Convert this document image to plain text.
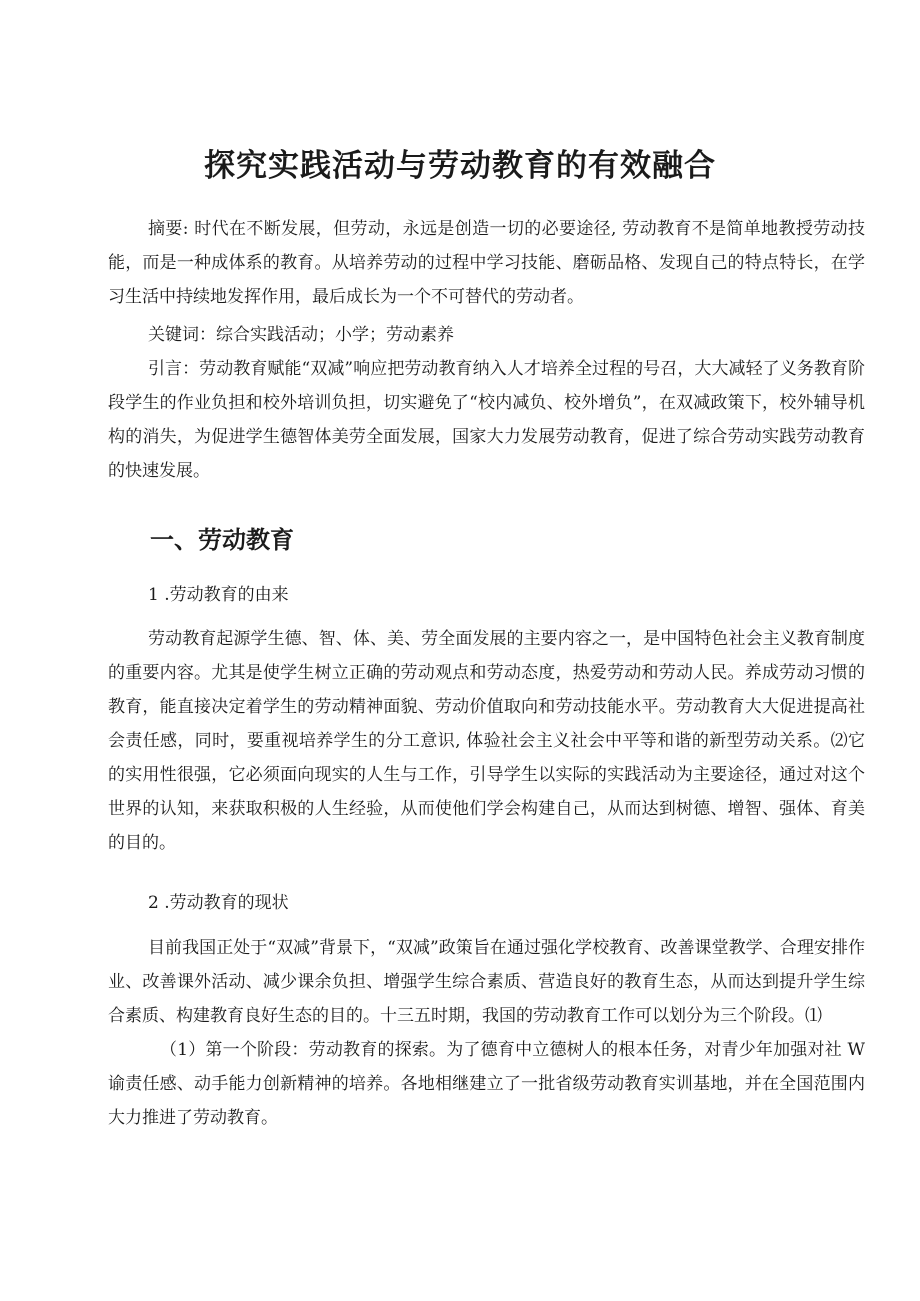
探究实践活动与劳动教育的有效融合

摘要: 时代在不断发展，但劳动，永远是创造一切的必要途径, 劳动教育不是简单地教授劳动技能，而是一种成体系的教育。从培养劳动的过程中学习技能、磨砺品格、发现自己的特点特长，在学习生活中持续地发挥作用，最后成长为一个不可替代的劳动者。

关键词：综合实践活动；小学；劳动素养

引言：劳动教育赋能“双减”响应把劳动教育纳入人才培养全过程的号召，大大减轻了义务教育阶段学生的作业负担和校外培训负担，切实避免了“校内减负、校外增负”，在双减政策下，校外辅导机构的消失，为促进学生德智体美劳全面发展，国家大力发展劳动教育，促进了综合劳动实践劳动教育的快速发展。

一、劳动教育

1 .劳动教育的由来

劳动教育起源学生德、智、体、美、劳全面发展的主要内容之一，是中国特色社会主义教育制度的重要内容。尤其是使学生树立正确的劳动观点和劳动态度，热爱劳动和劳动人民。养成劳动习惯的教育，能直接决定着学生的劳动精神面貌、劳动价值取向和劳动技能水平。劳动教育大大促进提高社会责任感，同时，要重视培养学生的分工意识, 体验社会主义社会中平等和谐的新型劳动关系。⑵它的实用性很强，它必须面向现实的人生与工作，引导学生以实际的实践活动为主要途径，通过对这个世界的认知，来获取积极的人生经验，从而使他们学会构建自己，从而达到树德、增智、强体、育美的目的。

2 .劳动教育的现状

目前我国正处于“双减”背景下，“双减”政策旨在通过强化学校教育、改善课堂教学、合理安排作业、改善课外活动、减少课余负担、增强学生综合素质、营造良好的教育生态，从而达到提升学生综合素质、构建教育良好生态的目的。十三五时期，我国的劳动教育工作可以划分为三个阶段。⑴

（1）第一个阶段：劳动教育的探索。为了德育中立德树人的根本任务，对青少年加强对社 W 谕责任感、动手能力创新精神的培养。各地相继建立了一批省级劳动教育实训基地，并在全国范围内大力推进了劳动教育。
